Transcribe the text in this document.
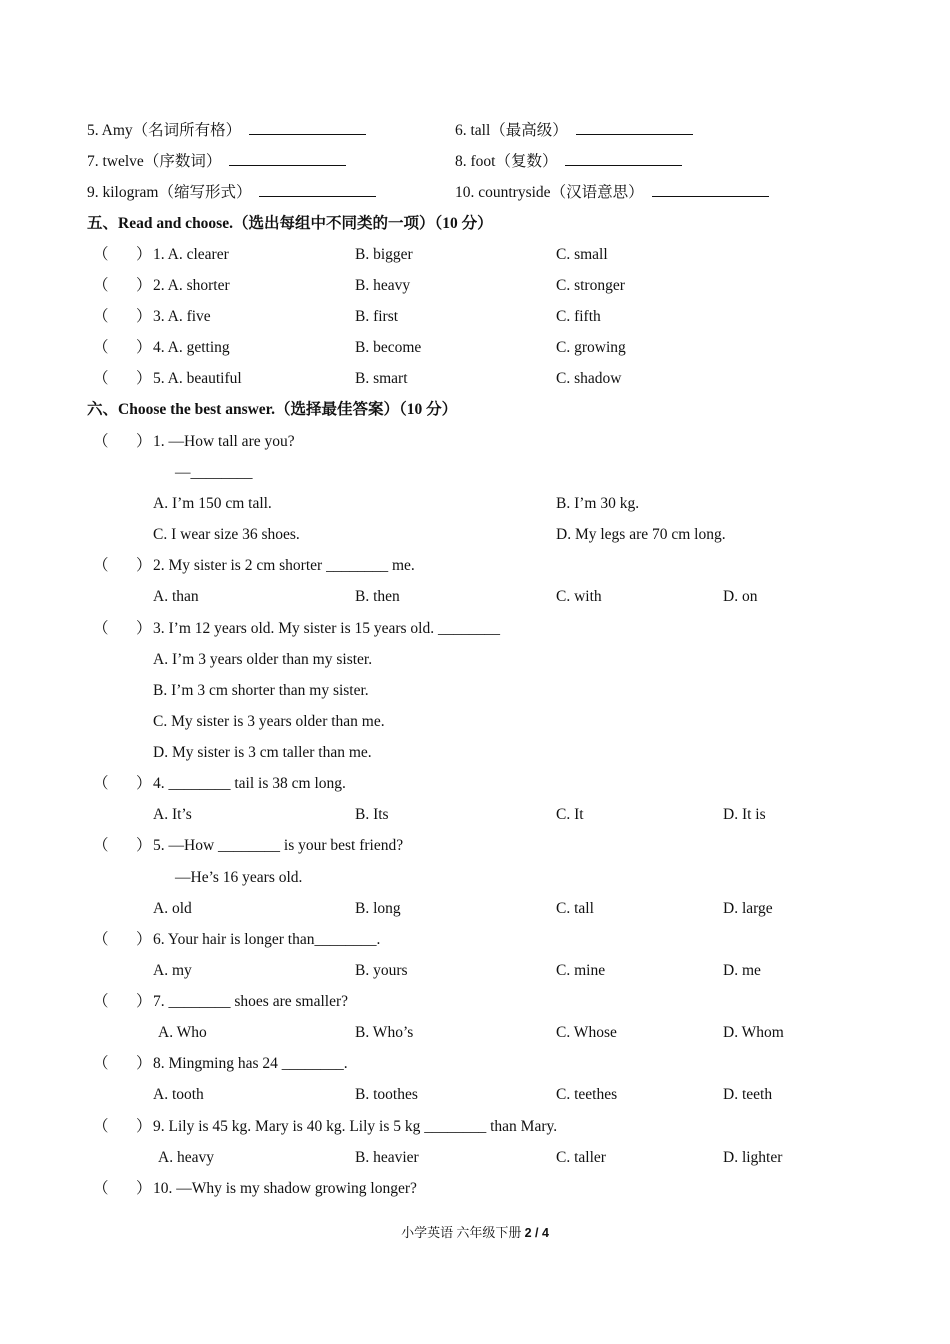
5. Amy（名词所有格）	6. tall（最高级）
7. twelve（序数词）	8. foot（复数）
9. kilogram（缩写形式）	10. countryside（汉语意思）
五、Read and choose.（选出每组中不同类的一项）（10 分）
（ ） 1. A. clearer	B. bigger	C. small
（ ） 2. A. shorter	B. heavy	C. stronger
（ ） 3. A. five	B. first	C. fifth
（ ） 4. A. getting	B. become	C. growing
（ ） 5. A. beautiful	B. smart	C. shadow
六、Choose the best answer.（选择最佳答案）（10 分）
（ ） 1. —How tall are you?
—________
A. I’m 150 cm tall.	B. I’m 30 kg.
C. I wear size 36 shoes.	D. My legs are 70 cm long.
（ ） 2. My sister is 2 cm shorter ________ me.
A. than	B. then	C. with	D. on
（ ） 3. I’m 12 years old. My sister is 15 years old. ________
A. I’m 3 years older than my sister.
B. I’m 3 cm shorter than my sister.
C. My sister is 3 years older than me.
D. My sister is 3 cm taller than me.
（ ） 4. ________ tail is 38 cm long.
A. It’s	B. Its	C. It	D. It is
（ ） 5. —How ________ is your best friend?
—He’s 16 years old.
A. old	B. long	C. tall	D. large
（ ） 6. Your hair is longer than________.
A. my	B. yours	C. mine	D. me
（ ） 7. ________ shoes are smaller?
A. Who	B. Who’s	C. Whose	D. Whom
（ ） 8. Mingming has 24 ________.
A. tooth	B. toothes	C. teethes	D. teeth
（ ） 9. Lily is 45 kg. Mary is 40 kg. Lily is 5 kg ________ than Mary.
A. heavy	B. heavier	C. taller	D. lighter
（ ） 10. —Why is my shadow growing longer?
小学英语 六年级下册 2 / 4
